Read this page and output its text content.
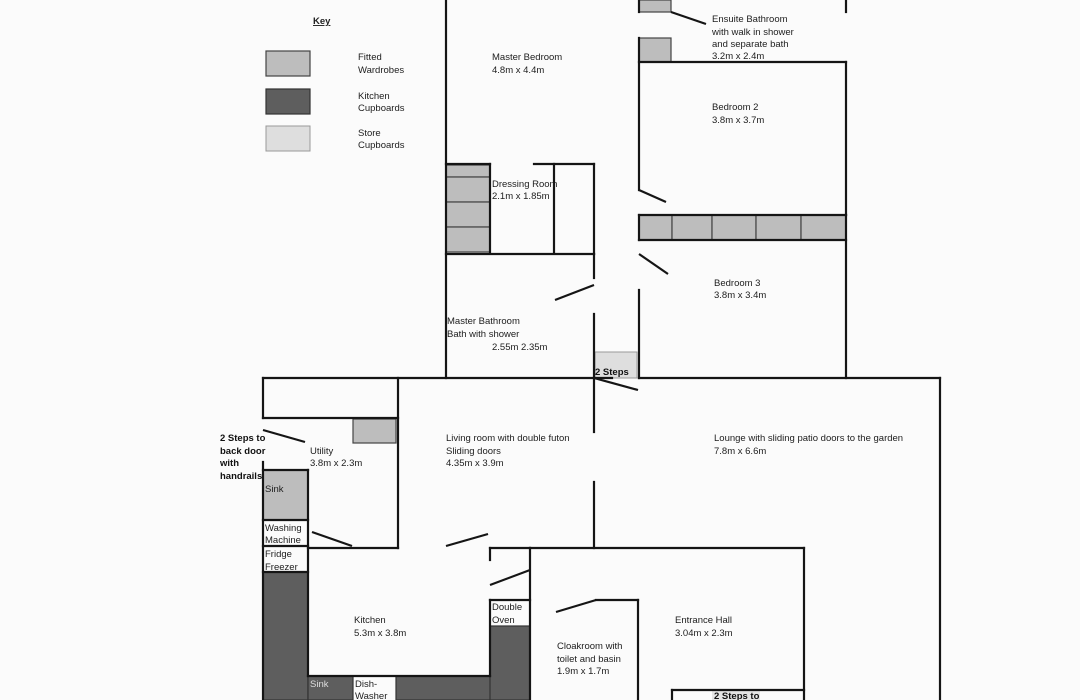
Key
Fitted
Wardrobes
Kitchen
Cupboards
Store
Cupboards
Master Bedroom
4.8m x 4.4m
Ensuite Bathroom
with walk in shower
and separate bath
3.2m x 2.4m
Bedroom 2
3.8m x 3.7m
Dressing Room
2.1m x 1.85m
Bedroom 3
3.8m x 3.4m
Master Bathroom
Bath with shower
2.55m 2.35m
Utility
3.8m x 2.3m
Living room with double futon
Sliding doors
4.35m x 3.9m
Lounge with sliding patio doors to the garden
7.8m x 6.6m
Kitchen
5.3m x 3.8m
Cloakroom with
toilet and basin
1.9m x 1.7m
Entrance Hall
3.04m x 2.3m
2 Steps
2 Steps to
back door
with
handrails
2 Steps to
Sink
Washing
Machine
Fridge
Freezer
Double
Oven
Dish-
Washer
Sink
